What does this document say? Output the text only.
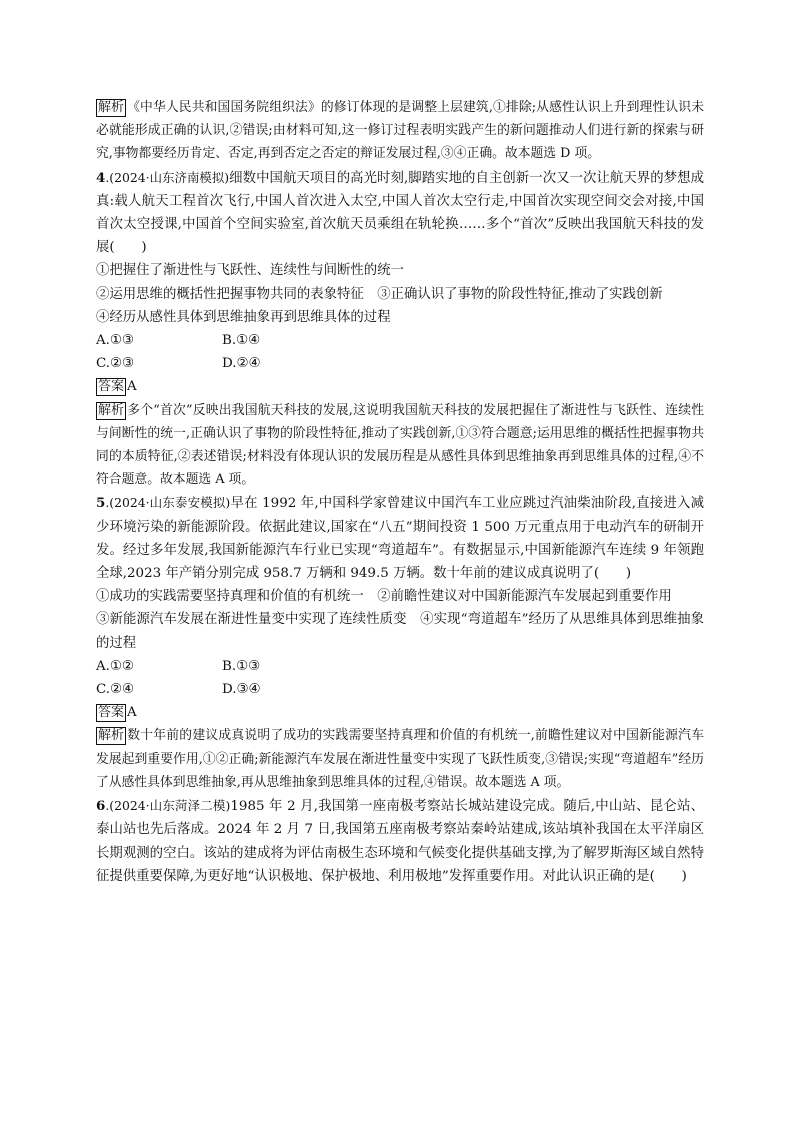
解析 《中华人民共和国国务院组织法》的修订体现的是调整上层建筑,①排除;从感性认识上升到理性认识未必就能形成正确的认识,②错误;由材料可知,这一修订过程表明实践产生的新问题推动人们进行新的探索与研究,事物都要经历肯定、否定,再到否定之否定的辩证发展过程,③④正确。故本题选 D 项。

4.(2024·山东济南模拟)细数中国航天项目的高光时刻,脚踏实地的自主创新一次又一次让航天界的梦想成真:载人航天工程首次飞行,中国人首次进入太空,中国人首次太空行走,中国首次实现空间交会对接,中国首次太空授课,中国首个空间实验室,首次航天员乘组在轨轮换……多个“首次”反映出我国航天科技的发展(　　)

①把握住了渐进性与飞跃性、连续性与间断性的统一

②运用思维的概括性把握事物共同的表象特征　③正确认识了事物的阶段性特征,推动了实践创新

④经历从感性具体到思维抽象再到思维具体的过程

A.①③	B.①④
C.②③	D.②④

答案 A

解析 多个“首次”反映出我国航天科技的发展,这说明我国航天科技的发展把握住了渐进性与飞跃性、连续性与间断性的统一,正确认识了事物的阶段性特征,推动了实践创新,①③符合题意;运用思维的概括性把握事物共同的本质特征,②表述错误;材料没有体现认识的发展历程是从感性具体到思维抽象再到思维具体的过程,④不符合题意。故本题选 A 项。

5.(2024·山东泰安模拟)早在 1992 年,中国科学家曾建议中国汽车工业应跳过汽油柴油阶段,直接进入减少环境污染的新能源阶段。依据此建议,国家在“八五”期间投资 1 500 万元重点用于电动汽车的研制开发。经过多年发展,我国新能源汽车行业已实现“弯道超车”。有数据显示,中国新能源汽车连续 9 年领跑全球,2023 年产销分别完成 958.7 万辆和 949.5 万辆。数十年前的建议成真说明了(　　)

①成功的实践需要坚持真理和价值的有机统一　②前瞻性建议对中国新能源汽车发展起到重要作用

③新能源汽车发展在渐进性量变中实现了连续性质变　④实现“弯道超车”经历了从思维具体到思维抽象的过程

A.①②	B.①③
C.②④	D.③④

答案 A

解析 数十年前的建议成真说明了成功的实践需要坚持真理和价值的有机统一,前瞻性建议对中国新能源汽车发展起到重要作用,①②正确;新能源汽车发展在渐进性量变中实现了飞跃性质变,③错误;实现“弯道超车”经历了从感性具体到思维抽象,再从思维抽象到思维具体的过程,④错误。故本题选 A 项。

6.(2024·山东菏泽二模)1985 年 2 月,我国第一座南极考察站长城站建设完成。随后,中山站、昆仑站、泰山站也先后落成。2024 年 2 月 7 日,我国第五座南极考察站秦岭站建成,该站填补我国在太平洋扇区长期观测的空白。该站的建成将为评估南极生态环境和气候变化提供基础支撑,为了解罗斯海区域自然特征提供重要保障,为更好地“认识极地、保护极地、利用极地”发挥重要作用。对此认识正确的是(　　)
